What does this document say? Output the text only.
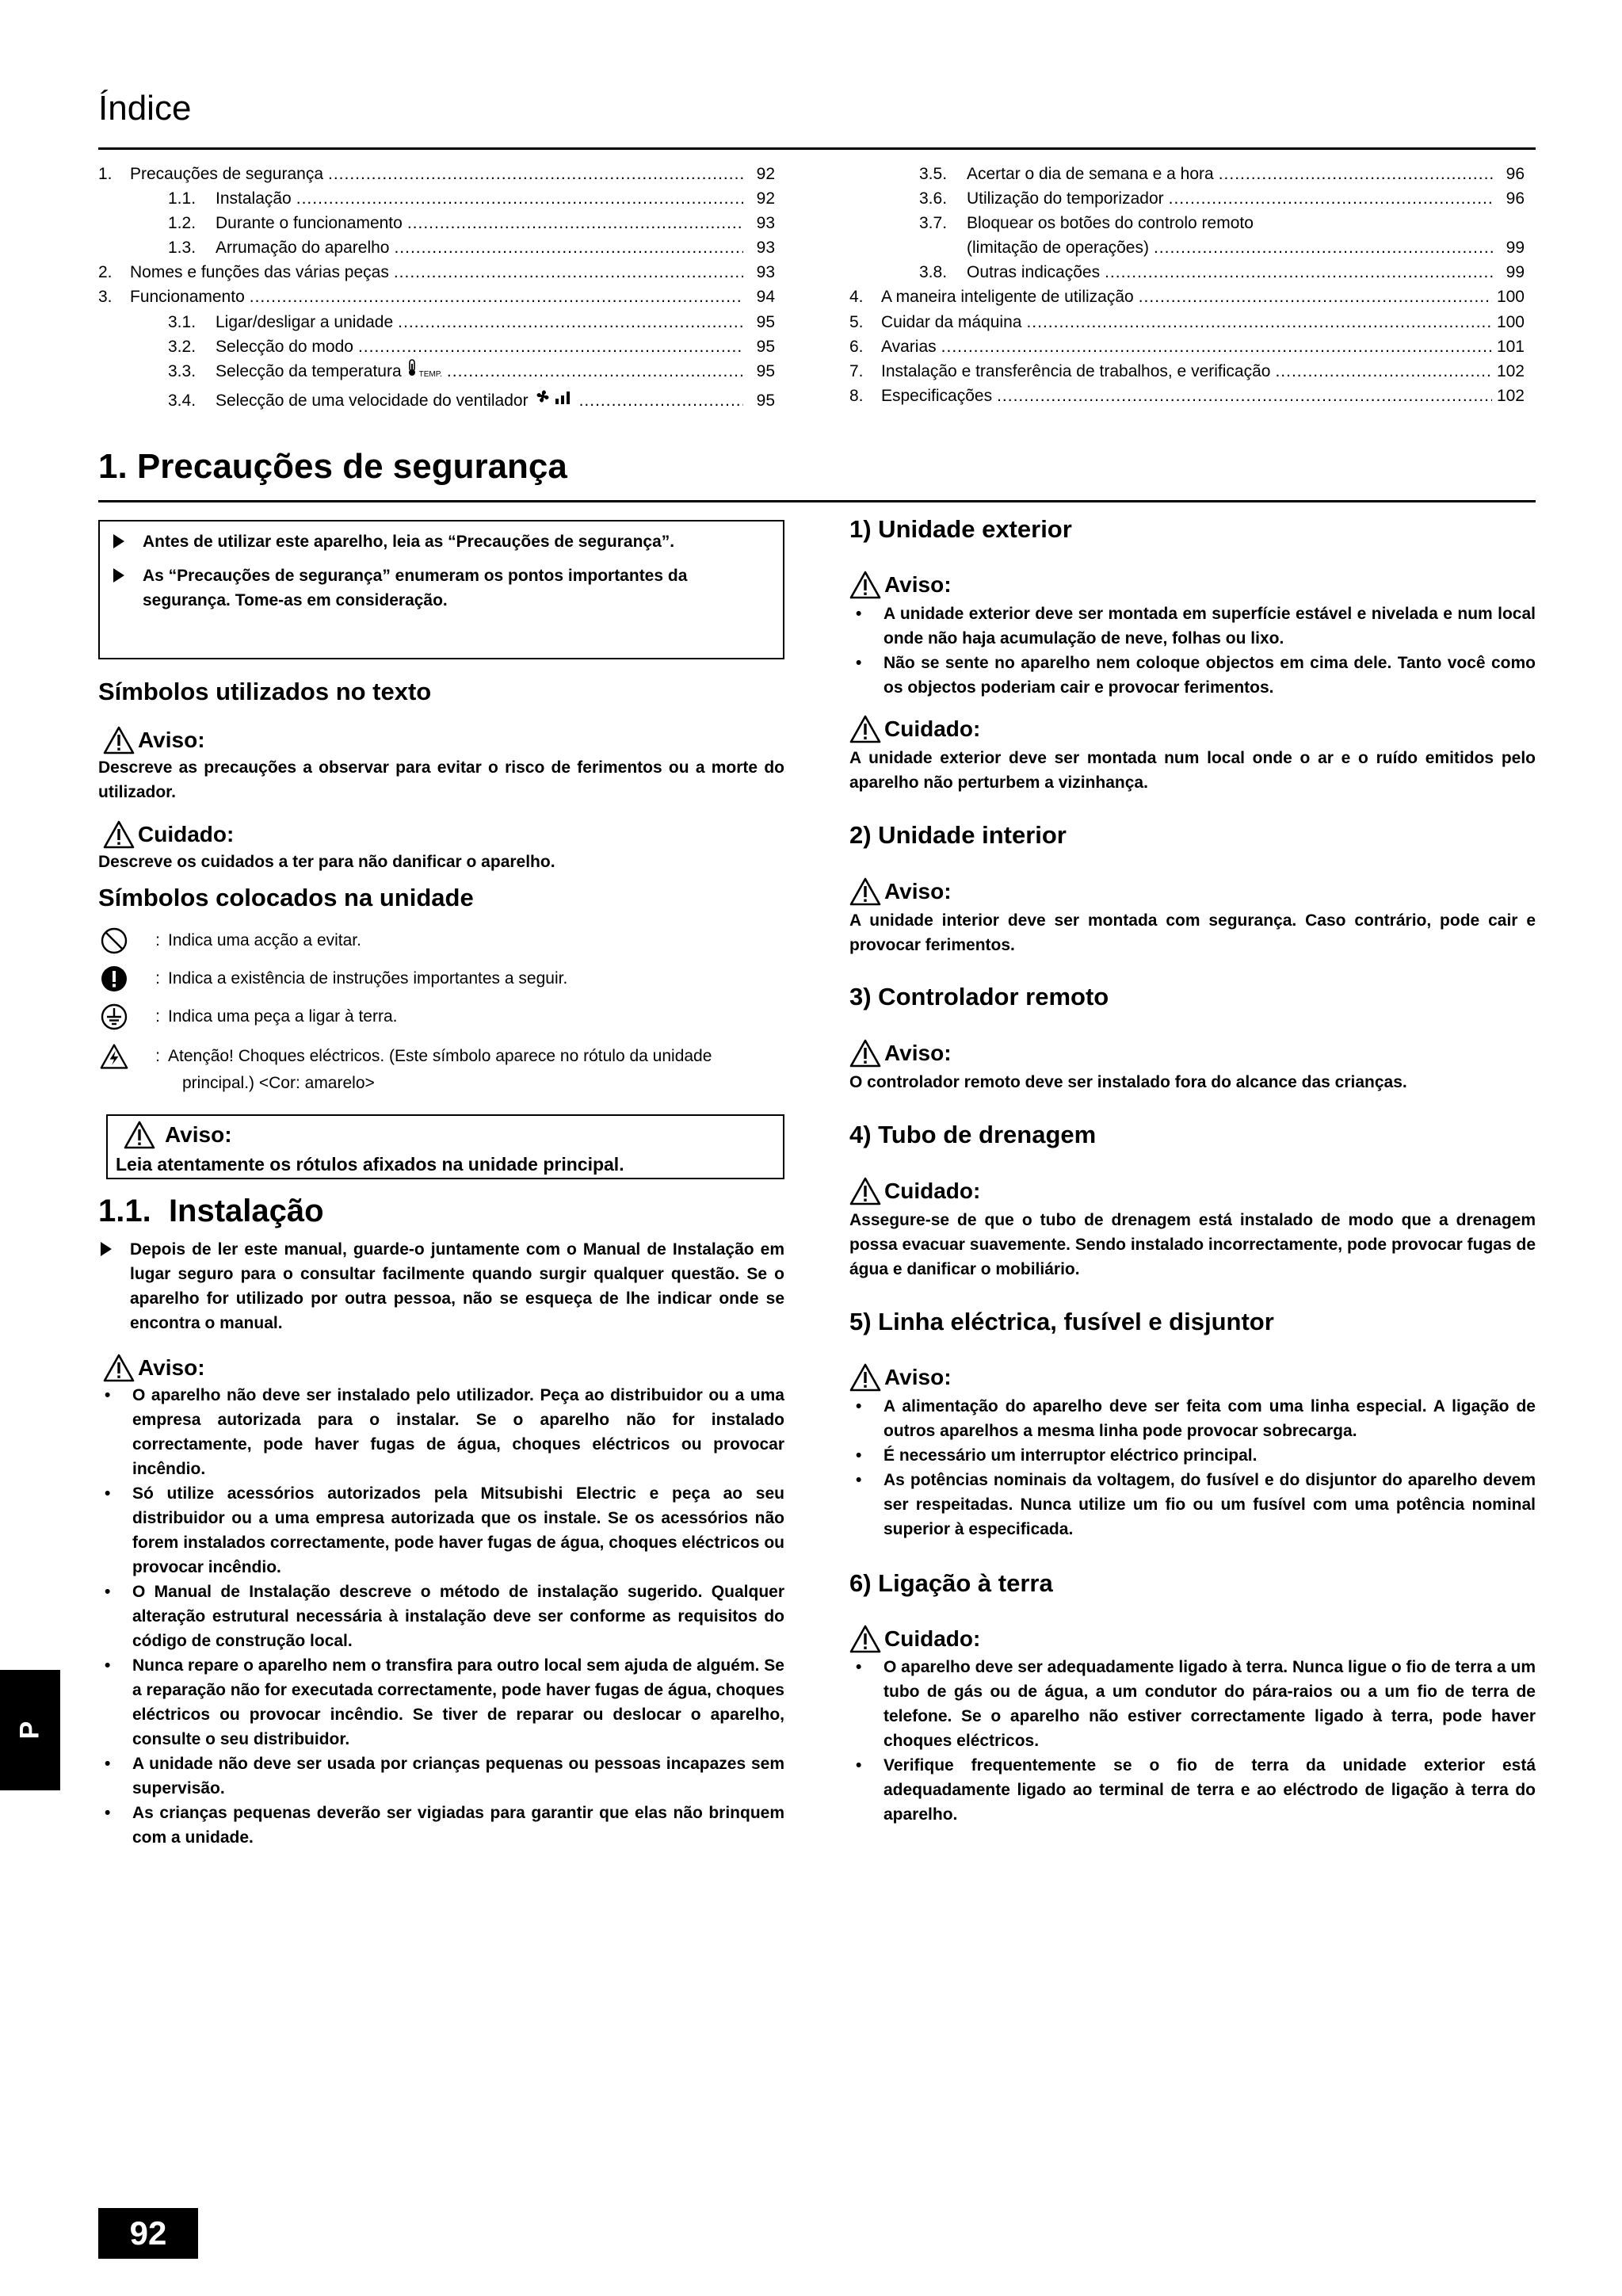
Índice
1.	Precauções de segurança .....	92
1.1.	Instalação .....	92
1.2.	Durante o funcionamento .....	93
1.3.	Arrumação do aparelho .....	93
2.	Nomes e funções das várias peças .....	93
3.	Funcionamento .....	94
3.1.	Ligar/desligar a unidade .....	95
3.2.	Selecção do modo .....	95
3.3.	Selecção da temperatura	TEMP. .....	95
3.4.	Selecção de uma velocidade do ventilador .....	95
3.5.	Acertar o dia de semana e a hora .....	96
3.6.	Utilização do temporizador .....	96
3.7.	Bloquear os botões do controlo remoto
(limitação de operações) .....	99
3.8.	Outras indicações .....	99
4.	A maneira inteligente de utilização .....	100
5.	Cuidar da máquina .....	100
6.	Avarias .....	101
7.	Instalação e transferência de trabalhos, e verificação .....	102
8.	Especificações .....	102
1. Precauções de segurança
Antes de utilizar este aparelho, leia as “Precauções de segurança”.
As “Precauções de segurança” enumeram os pontos importantes da segurança. Tome-as em consideração.
Símbolos utilizados no texto
Aviso:
Descreve as precauções a observar para evitar o risco de ferimentos ou a morte do utilizador.
Cuidado:
Descreve os cuidados a ter para não danificar o aparelho.
Símbolos colocados na unidade
: Indica uma acção a evitar.
: Indica a existência de instruções importantes a seguir.
: Indica uma peça a ligar à terra.
: Atenção! Choques eléctricos. (Este símbolo aparece no rótulo da unidade
principal.) <Cor: amarelo>
Aviso:
Leia atentamente os rótulos afixados na unidade principal.
1.1.  Instalação
Depois de ler este manual, guarde-o juntamente com o Manual de Instalação em lugar seguro para o consultar facilmente quando surgir qualquer questão. Se o aparelho for utilizado por outra pessoa, não se esqueça de lhe indicar onde se encontra o manual.
Aviso:
• O aparelho não deve ser instalado pelo utilizador. Peça ao distribuidor ou a uma empresa autorizada para o instalar. Se o aparelho não for instalado correctamente, pode haver fugas de água, choques eléctricos ou provocar incêndio.
• Só utilize acessórios autorizados pela Mitsubishi Electric e peça ao seu distribuidor ou a uma empresa autorizada que os instale. Se os acessórios não forem instalados correctamente, pode haver fugas de água, choques eléctricos ou provocar incêndio.
• O Manual de Instalação descreve o método de instalação sugerido. Qualquer alteração estrutural necessária à instalação deve ser conforme as requisitos do código de construção local.
• Nunca repare o aparelho nem o transfira para outro local sem ajuda de alguém. Se a reparação não for executada correctamente, pode haver fugas de água, choques eléctricos ou provocar incêndio. Se tiver de reparar ou deslocar o aparelho, consulte o seu distribuidor.
• A unidade não deve ser usada por crianças pequenas ou pessoas incapazes sem supervisão.
• As crianças pequenas deverão ser vigiadas para garantir que elas não brinquem com a unidade.
1) Unidade exterior
Aviso:
• A unidade exterior deve ser montada em superfície estável e nivelada e num local onde não haja acumulação de neve, folhas ou lixo.
• Não se sente no aparelho nem coloque objectos em cima dele. Tanto você como os objectos poderiam cair e provocar ferimentos.
Cuidado:
A unidade exterior deve ser montada num local onde o ar e o ruído emitidos pelo aparelho não perturbem a vizinhança.
2) Unidade interior
Aviso:
A unidade interior deve ser montada com segurança. Caso contrário, pode cair e provocar ferimentos.
3) Controlador remoto
Aviso:
O controlador remoto deve ser instalado fora do alcance das crianças.
4) Tubo de drenagem
Cuidado:
Assegure-se de que o tubo de drenagem está instalado de modo que a drenagem possa evacuar suavemente. Sendo instalado incorrectamente, pode provocar fugas de água e danificar o mobiliário.
5) Linha eléctrica, fusível e disjuntor
Aviso:
• A alimentação do aparelho deve ser feita com uma linha especial. A ligação de outros aparelhos a mesma linha pode provocar sobrecarga.
• É necessário um interruptor eléctrico principal.
• As potências nominais da voltagem, do fusível e do disjuntor do aparelho devem ser respeitadas. Nunca utilize um fio ou um fusível com uma potência nominal superior à especificada.
6) Ligação à terra
Cuidado:
• O aparelho deve ser adequadamente ligado à terra. Nunca ligue o fio de terra a um tubo de gás ou de água, a um condutor do pára-raios ou a um fio de terra de telefone. Se o aparelho não estiver correctamente ligado à terra, pode haver choques eléctricos.
• Verifique frequentemente se o fio de terra da unidade exterior está adequadamente ligado ao terminal de terra e ao eléctrodo de ligação à terra do aparelho.
P
92
